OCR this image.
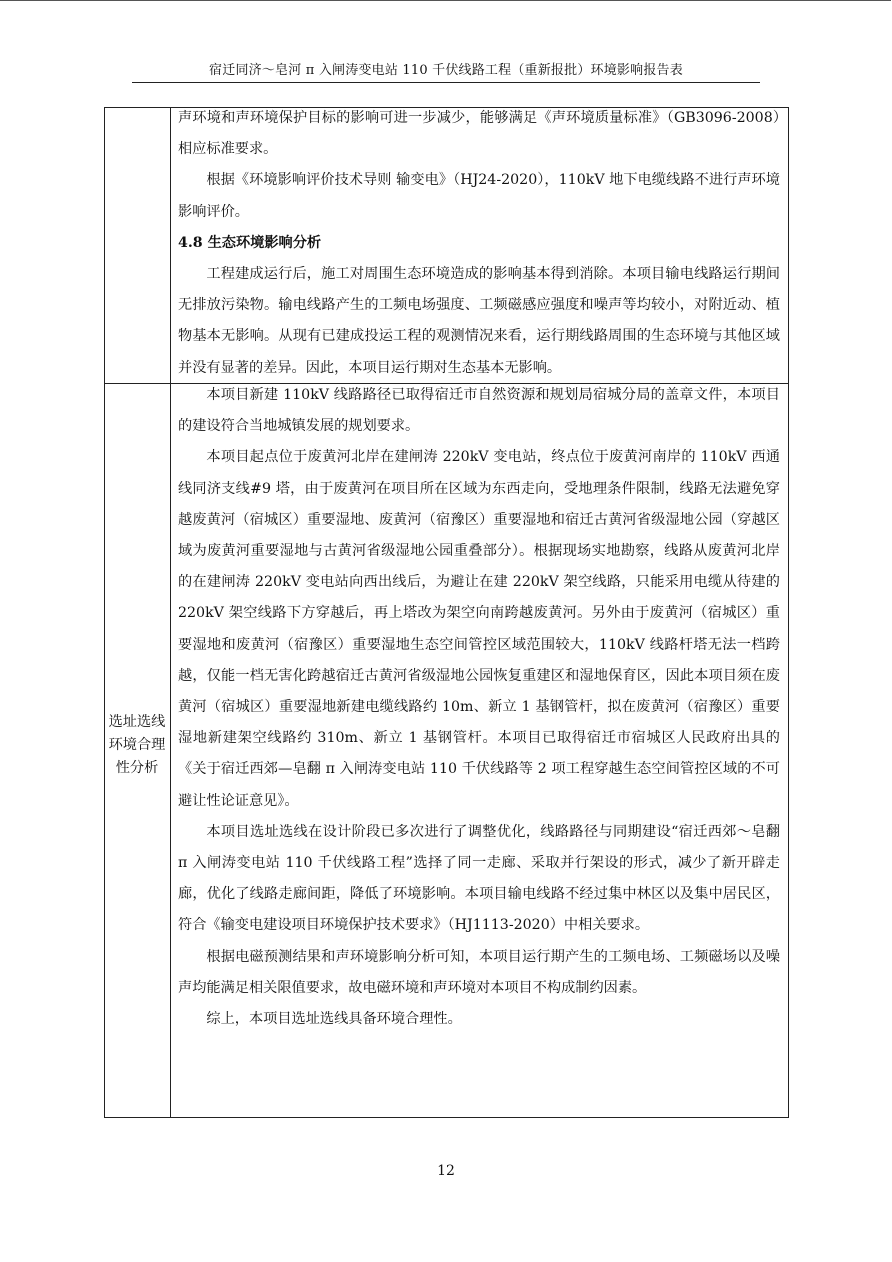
宿迁同济～皂河 π 入闸涛变电站 110 千伏线路工程（重新报批）环境影响报告表

声环境和声环境保护目标的影响可进一步减少，能够满足《声环境质量标准》（GB3096-2008）相应标准要求。

根据《环境影响评价技术导则 输变电》（HJ24-2020），110kV 地下电缆线路不进行声环境影响评价。

4.8 生态环境影响分析

工程建成运行后，施工对周围生态环境造成的影响基本得到消除。本项目输电线路运行期间无排放污染物。输电线路产生的工频电场强度、工频磁感应强度和噪声等均较小，对附近动、植物基本无影响。从现有已建成投运工程的观测情况来看，运行期线路周围的生态环境与其他区域并没有显著的差异。因此，本项目运行期对生态基本无影响。

选址选线环境合理性分析

本项目新建 110kV 线路路径已取得宿迁市自然资源和规划局宿城分局的盖章文件，本项目的建设符合当地城镇发展的规划要求。

本项目起点位于废黄河北岸在建闸涛 220kV 变电站，终点位于废黄河南岸的 110kV 西通线同济支线#9 塔，由于废黄河在项目所在区域为东西走向，受地理条件限制，线路无法避免穿越废黄河（宿城区）重要湿地、废黄河（宿豫区）重要湿地和宿迁古黄河省级湿地公园（穿越区域为废黄河重要湿地与古黄河省级湿地公园重叠部分）。根据现场实地勘察，线路从废黄河北岸的在建闸涛 220kV 变电站向西出线后，为避让在建 220kV 架空线路，只能采用电缆从待建的 220kV 架空线路下方穿越后，再上塔改为架空向南跨越废黄河。另外由于废黄河（宿城区）重要湿地和废黄河（宿豫区）重要湿地生态空间管控区域范围较大，110kV 线路杆塔无法一档跨越，仅能一档无害化跨越宿迁古黄河省级湿地公园恢复重建区和湿地保育区，因此本项目须在废黄河（宿城区）重要湿地新建电缆线路约 10m、新立 1 基钢管杆，拟在废黄河（宿豫区）重要湿地新建架空线路约 310m、新立 1 基钢管杆。本项目已取得宿迁市宿城区人民政府出具的《关于宿迁西郊—皂翻 π 入闸涛变电站 110 千伏线路等 2 项工程穿越生态空间管控区域的不可避让性论证意见》。

本项目选址选线在设计阶段已多次进行了调整优化，线路路径与同期建设“宿迁西郊～皂翻 π 入闸涛变电站 110 千伏线路工程”选择了同一走廊、采取并行架设的形式，减少了新开辟走廊，优化了线路走廊间距，降低了环境影响。本项目输电线路不经过集中林区以及集中居民区，符合《输变电建设项目环境保护技术要求》（HJ1113-2020）中相关要求。

根据电磁预测结果和声环境影响分析可知，本项目运行期产生的工频电场、工频磁场以及噪声均能满足相关限值要求，故电磁环境和声环境对本项目不构成制约因素。

综上，本项目选址选线具备环境合理性。

12
